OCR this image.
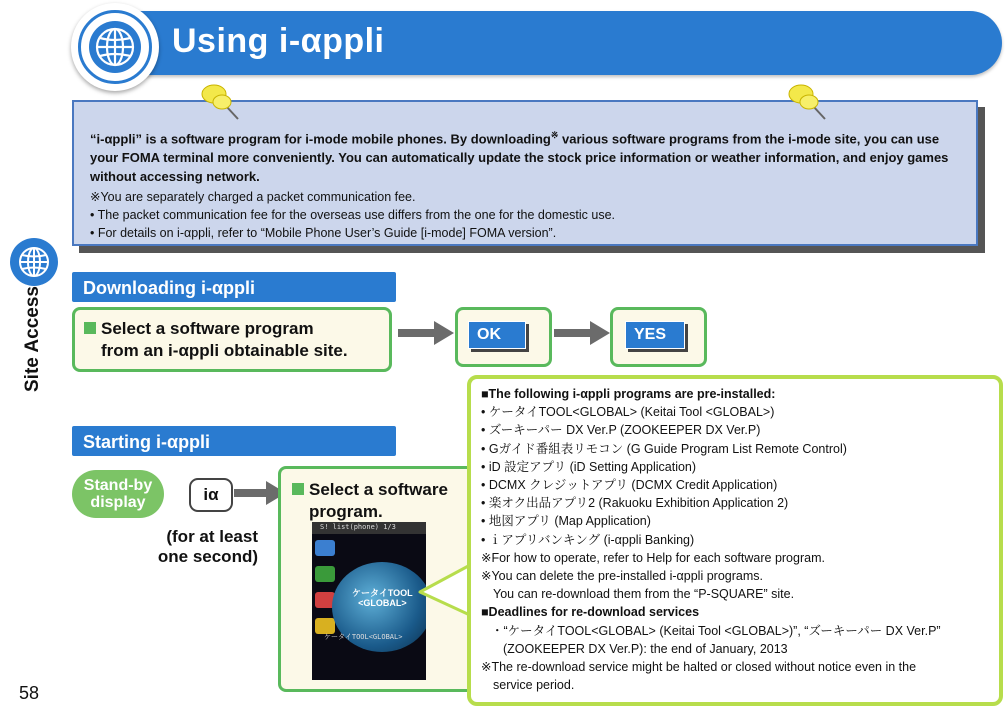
Using i-αppli
Site Access
58
“i-αppli” is a software program for i-mode mobile phones. By downloading※ various software programs from the i-mode site, you can use your FOMA terminal more conveniently. You can automatically update the stock price information or weather information, and enjoy games without accessing network.
※You are separately charged a packet communication fee.
• The packet communication fee for the overseas use differs from the one for the domestic use.
• For details on i-αppli, refer to “Mobile Phone User’s Guide [i-mode] FOMA version”.
Downloading i-αppli
Select a software program
from an i-αppli obtainable site.
OK	YES
Starting i-αppli
Stand-by
display	iα
(for at least
one second)
Select a software
program.
S! list(phone) 1/3
ケータイTOOL
<GLOBAL>
ケータイTOOL<GLOBAL>
■The following i-αppli programs are pre-installed:
• ケータイTOOL<GLOBAL> (Keitai Tool <GLOBAL>)
• ズーキーパー DX Ver.P (ZOOKEEPER DX Ver.P)
• Gガイド番組表リモコン (G Guide Program List Remote Control)
• iD 設定アプリ (iD Setting Application)
• DCMX クレジットアプリ (DCMX Credit Application)
• 楽オク出品アプリ2 (Rakuoku Exhibition Application 2)
• 地図アプリ (Map Application)
• ｉアプリバンキング (i-αppli Banking)
※For how to operate, refer to Help for each software program.
※You can delete the pre-installed i-αppli programs.
You can re-download them from the “P-SQUARE” site.
■Deadlines for re-download services
・“ケータイTOOL<GLOBAL> (Keitai Tool <GLOBAL>)”, “ズーキーパー DX Ver.P”
(ZOOKEEPER DX Ver.P): the end of January, 2013
※The re-download service might be halted or closed without notice even in the
service period.
